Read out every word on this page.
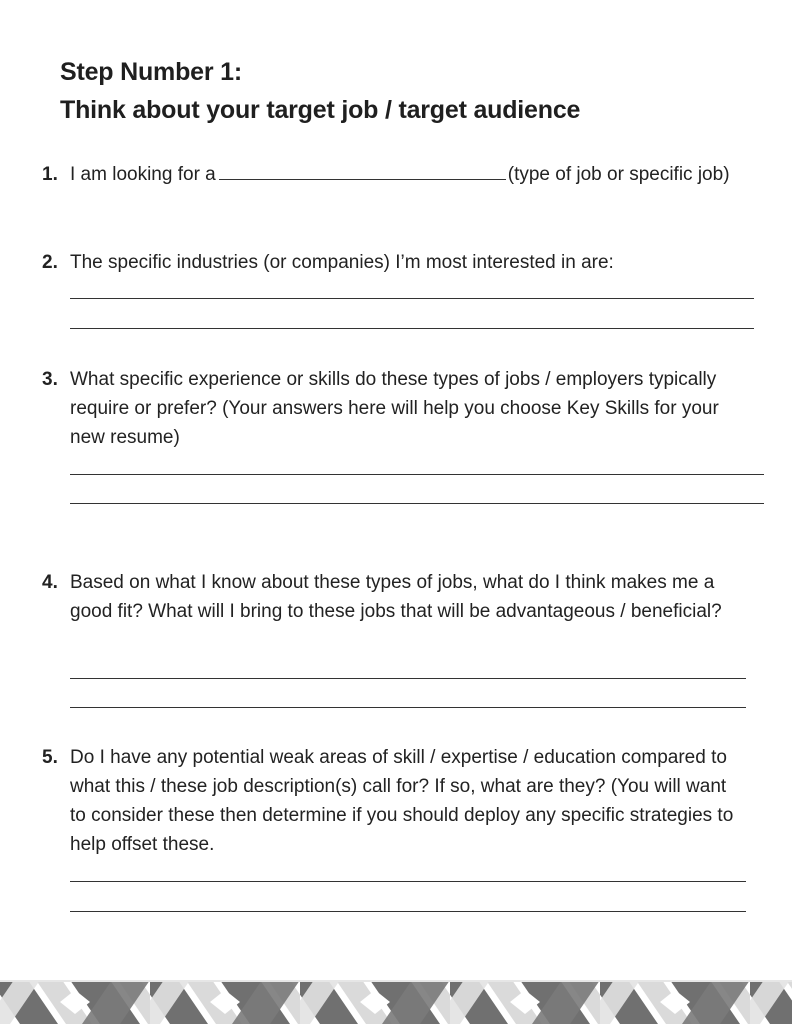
Step Number 1:
Think about your target job / target audience
1. I am looking for a	(type of job or specific job)
2. The specific industries (or companies) I’m most interested in are:
3. What specific experience or skills do these types of jobs / employers typically require or prefer? (Your answers here will help you choose Key Skills for your new resume)
4. Based on what I know about these types of jobs, what do I think makes me a good fit? What will I bring to these jobs that will be advantageous / beneficial?
5. Do I have any potential weak areas of skill / expertise / education compared to what this / these job description(s) call for? If so, what are they? (You will want to consider these then determine if you should deploy any specific strategies to help offset these.
